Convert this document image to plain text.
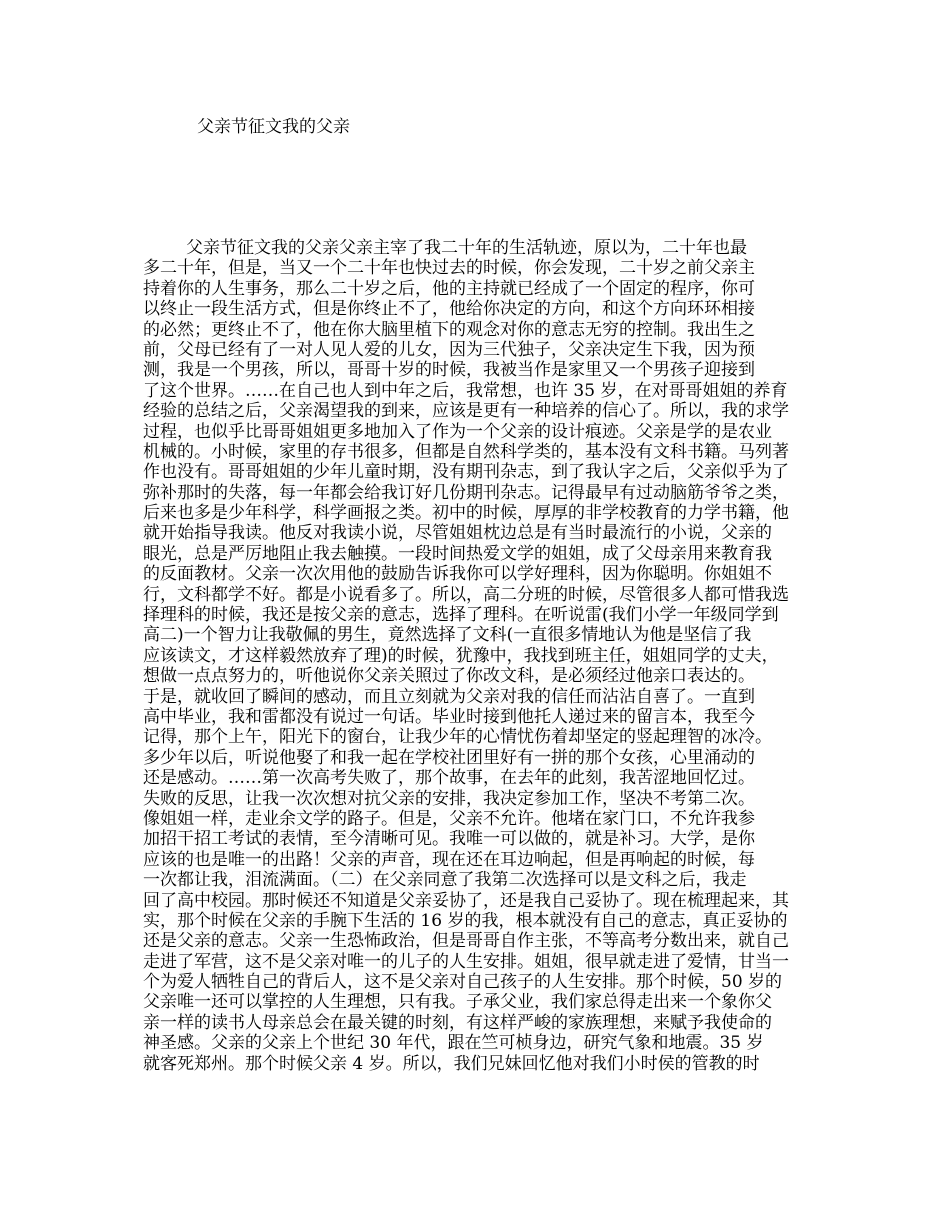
父亲节征文我的父亲
父亲节征文我的父亲父亲主宰了我二十年的生活轨迹，原以为，二十年也最
多二十年，但是，当又一个二十年也快过去的时候，你会发现，二十岁之前父亲主
持着你的人生事务，那么二十岁之后，他的主持就已经成了一个固定的程序，你可
以终止一段生活方式，但是你终止不了，他给你决定的方向，和这个方向环环相接
的必然；更终止不了，他在你大脑里植下的观念对你的意志无穷的控制。我出生之
前，父母已经有了一对人见人爱的儿女，因为三代独子，父亲决定生下我，因为预
测，我是一个男孩，所以，哥哥十岁的时候，我被当作是家里又一个男孩子迎接到
了这个世界。……在自己也人到中年之后，我常想，也许 35 岁，在对哥哥姐姐的养育
经验的总结之后，父亲渴望我的到来，应该是更有一种培养的信心了。所以，我的求学
过程，也似乎比哥哥姐姐更多地加入了作为一个父亲的设计痕迹。父亲是学的是农业
机械的。小时候，家里的存书很多，但都是自然科学类的，基本没有文科书籍。马列著
作也没有。哥哥姐姐的少年儿童时期，没有期刊杂志，到了我认字之后，父亲似乎为了
弥补那时的失落，每一年都会给我订好几份期刊杂志。记得最早有过动脑筋爷爷之类，
后来也多是少年科学，科学画报之类。初中的时候，厚厚的非学校教育的力学书籍，他
就开始指导我读。他反对我读小说，尽管姐姐枕边总是有当时最流行的小说，父亲的
眼光，总是严厉地阻止我去触摸。一段时间热爱文学的姐姐，成了父母亲用来教育我
的反面教材。父亲一次次用他的鼓励告诉我你可以学好理科，因为你聪明。你姐姐不
行，文科都学不好。都是小说看多了。所以，高二分班的时候，尽管很多人都可惜我选
择理科的时候，我还是按父亲的意志，选择了理科。在听说雷(我们小学一年级同学到
高二)一个智力让我敬佩的男生，竟然选择了文科(一直很多情地认为他是坚信了我
应该读文，才这样毅然放弃了理)的时候，犹豫中，我找到班主任，姐姐同学的丈夫，
想做一点点努力的，听他说你父亲关照过了你改文科，是必须经过他亲口表达的。
于是，就收回了瞬间的感动，而且立刻就为父亲对我的信任而沾沾自喜了。一直到
高中毕业，我和雷都没有说过一句话。毕业时接到他托人递过来的留言本，我至今
记得，那个上午，阳光下的窗台，让我少年的心情忧伤着却坚定的竖起理智的冰冷。
多少年以后，听说他娶了和我一起在学校社团里好有一拼的那个女孩，心里涌动的
还是感动。……第一次高考失败了，那个故事，在去年的此刻，我苦涩地回忆过。
失败的反思，让我一次次想对抗父亲的安排，我决定参加工作，坚决不考第二次。
像姐姐一样，走业余文学的路子。但是，父亲不允许。他堵在家门口，不允许我参
加招干招工考试的表情，至今清晰可见。我唯一可以做的，就是补习。大学，是你
应该的也是唯一的出路！父亲的声音，现在还在耳边响起，但是再响起的时候，每
一次都让我，泪流满面。（二）在父亲同意了我第二次选择可以是文科之后，我走
回了高中校园。那时候还不知道是父亲妥协了，还是我自己妥协了。现在梳理起来，其
实，那个时候在父亲的手腕下生活的 16 岁的我，根本就没有自己的意志，真正妥协的
还是父亲的意志。父亲一生恐怖政治，但是哥哥自作主张，不等高考分数出来，就自己
走进了军营，这不是父亲对唯一的儿子的人生安排。姐姐，很早就走进了爱情，甘当一
个为爱人牺牲自己的背后人，这不是父亲对自己孩子的人生安排。那个时候，50 岁的
父亲唯一还可以掌控的人生理想，只有我。子承父业，我们家总得走出来一个象你父
亲一样的读书人母亲总会在最关键的时刻，有这样严峻的家族理想，来赋予我使命的
神圣感。父亲的父亲上个世纪 30 年代，跟在竺可桢身边，研究气象和地震。35 岁
就客死郑州。那个时候父亲 4 岁。所以，我们兄妹回忆他对我们小时侯的管教的时
